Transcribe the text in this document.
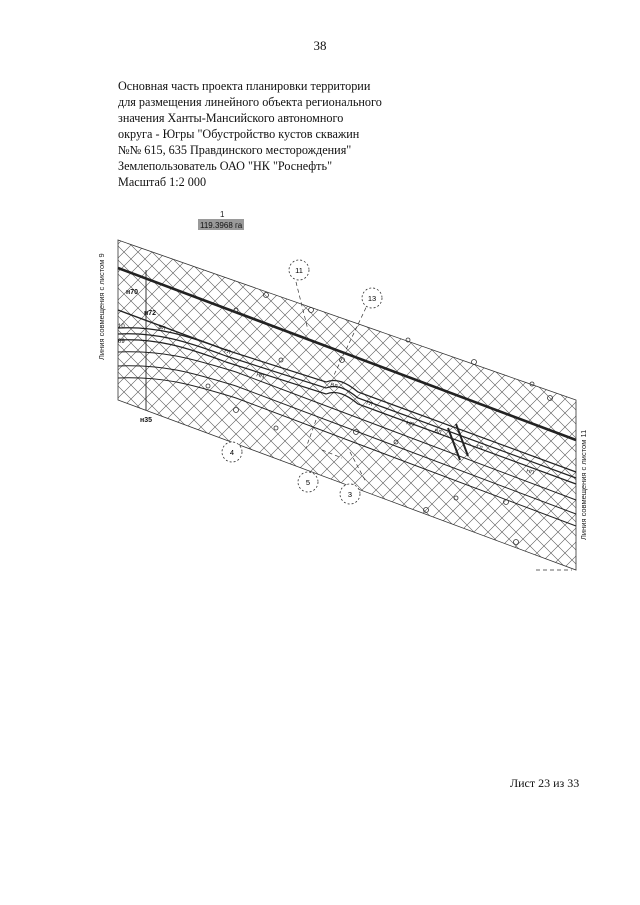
38
Основная часть проекта планировки территории
для размещения линейного объекта регионального
значения Ханты-Мансийского автономного
округа - Югры "Обустройство кустов скважин
№№ 615, 635 Правдинского месторождения"
Землепользователь ОАО "НК "Роснефть"
Масштаб 1:2 000
1
119.3968 га
Линия совмещения с листом 9
Линия совмещения с листом 11
н70
н72
н35
10
09
11
13
4
5
3
ВЛ
ГЛ
НП
ВЛ
ГЛ
НП
ВЛ
ГЛ
НП
Лист 23 из 33
